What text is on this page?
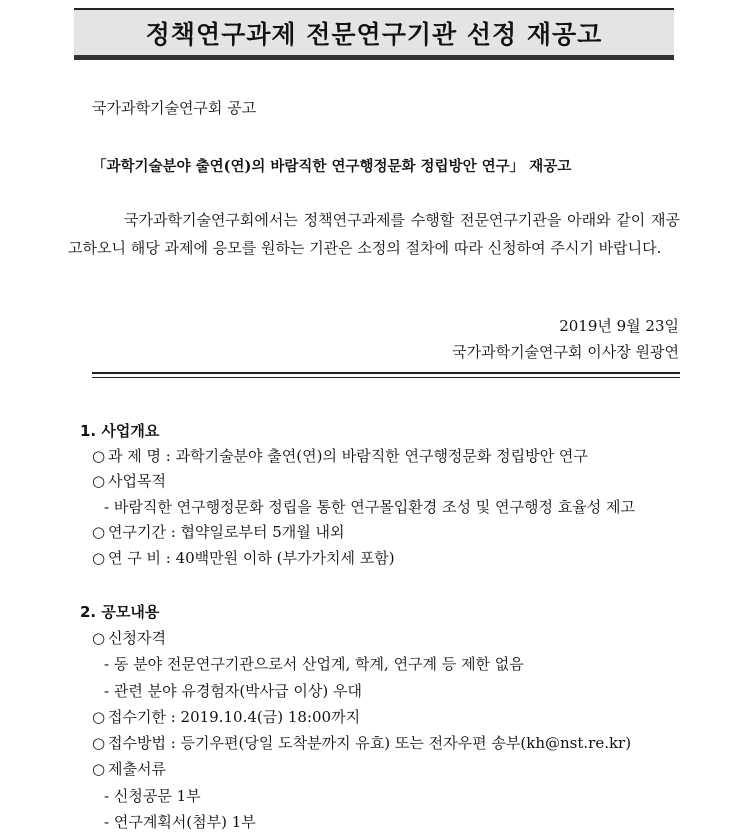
정책연구과제 전문연구기관 선정 재공고
국가과학기술연구회 공고
「과학기술분야 출연(연)의 바람직한 연구행정문화 정립방안 연구」 재공고
국가과학기술연구회에서는 정책연구과제를 수행할 전문연구기관을 아래와 같이 재공고하오니 해당 과제에 응모를 원하는 기관은 소정의 절차에 따라 신청하여 주시기 바랍니다.
2019년 9월 23일
국가과학기술연구회 이사장 원광연
1. 사업개요
○ 과 제 명 : 과학기술분야 출연(연)의 바람직한 연구행정문화 정립방안 연구
○ 사업목적
- 바람직한 연구행정문화 정립을 통한 연구몰입환경 조성 및 연구행정 효율성 제고
○ 연구기간 : 협약일로부터 5개월 내외
○ 연 구 비 : 40백만원 이하 (부가가치세 포함)
2. 공모내용
○ 신청자격
- 동 분야 전문연구기관으로서 산업계, 학계, 연구계 등 제한 없음
- 관련 분야 유경험자(박사급 이상) 우대
○ 접수기한 : 2019.10.4(금) 18:00까지
○ 접수방법 : 등기우편(당일 도착분까지 유효) 또는 전자우편 송부(kh@nst.re.kr)
○ 제출서류
- 신청공문 1부
- 연구계획서(첨부) 1부
